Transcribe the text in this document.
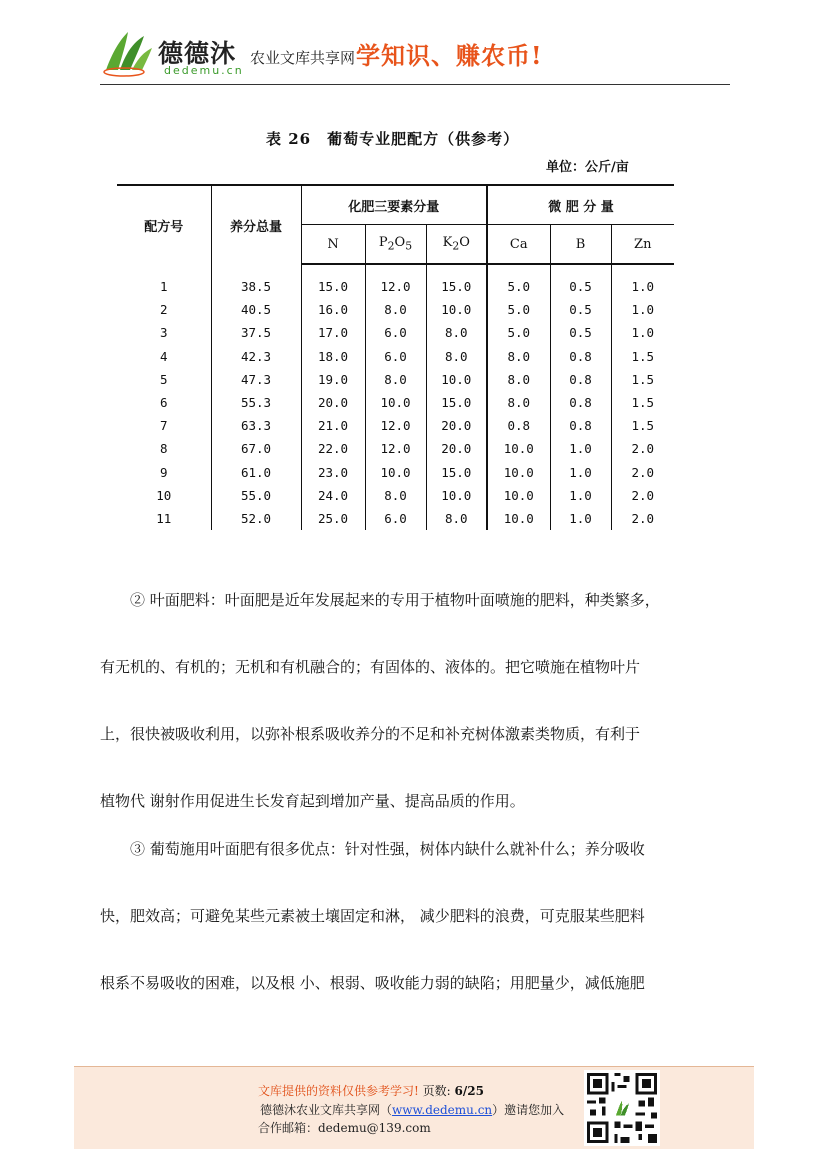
德德沐
dedemu.cn
农业文库共享网 学知识、赚农币!
表 26　葡萄专业肥配方（供参考）
单位：公斤/亩
配方号	养分总量	化肥三要素分量			微 肥 分 量		
		N	$P_2O_5$	$K_2O$	Ca	B	Zn
1	38.5	15.0	12.0	15.0	5.0	0.5	1.0
2	40.5	16.0	8.0	10.0	5.0	0.5	1.0
3	37.5	17.0	6.0	8.0	5.0	0.5	1.0
4	42.3	18.0	6.0	8.0	8.0	0.8	1.5
5	47.3	19.0	8.0	10.0	8.0	0.8	1.5
6	55.3	20.0	10.0	15.0	8.0	0.8	1.5
7	63.3	21.0	12.0	20.0	0.8	0.8	1.5
8	67.0	22.0	12.0	20.0	10.0	1.0	2.0
9	61.0	23.0	10.0	15.0	10.0	1.0	2.0
10	55.0	24.0	8.0	10.0	10.0	1.0	2.0
11	52.0	25.0	6.0	8.0	10.0	1.0	2.0
② 叶面肥料：叶面肥是近年发展起来的专用于植物叶面喷施的肥料，种类繁多，
有无机的、有机的；无机和有机融合的；有固体的、液体的。把它喷施在植物叶片
上，很快被吸收利用，以弥补根系吸收养分的不足和补充树体激素类物质，有利于
植物代 谢射作用促进生长发育起到增加产量、提高品质的作用。
③ 葡萄施用叶面肥有很多优点：针对性强，树体内缺什么就补什么；养分吸收
快，肥效高；可避免某些元素被土壤固定和淋， 减少肥料的浪费，可克服某些肥料
根系不易吸收的困难，以及根 小、根弱、吸收能力弱的缺陷；用肥量少，减低施肥
文库提供的资料仅供参考学习! 页数: 6/25
德德沐农业文库共享网（www.dedemu.cn）邀请您加入
合作邮箱：dedemu@139.com
